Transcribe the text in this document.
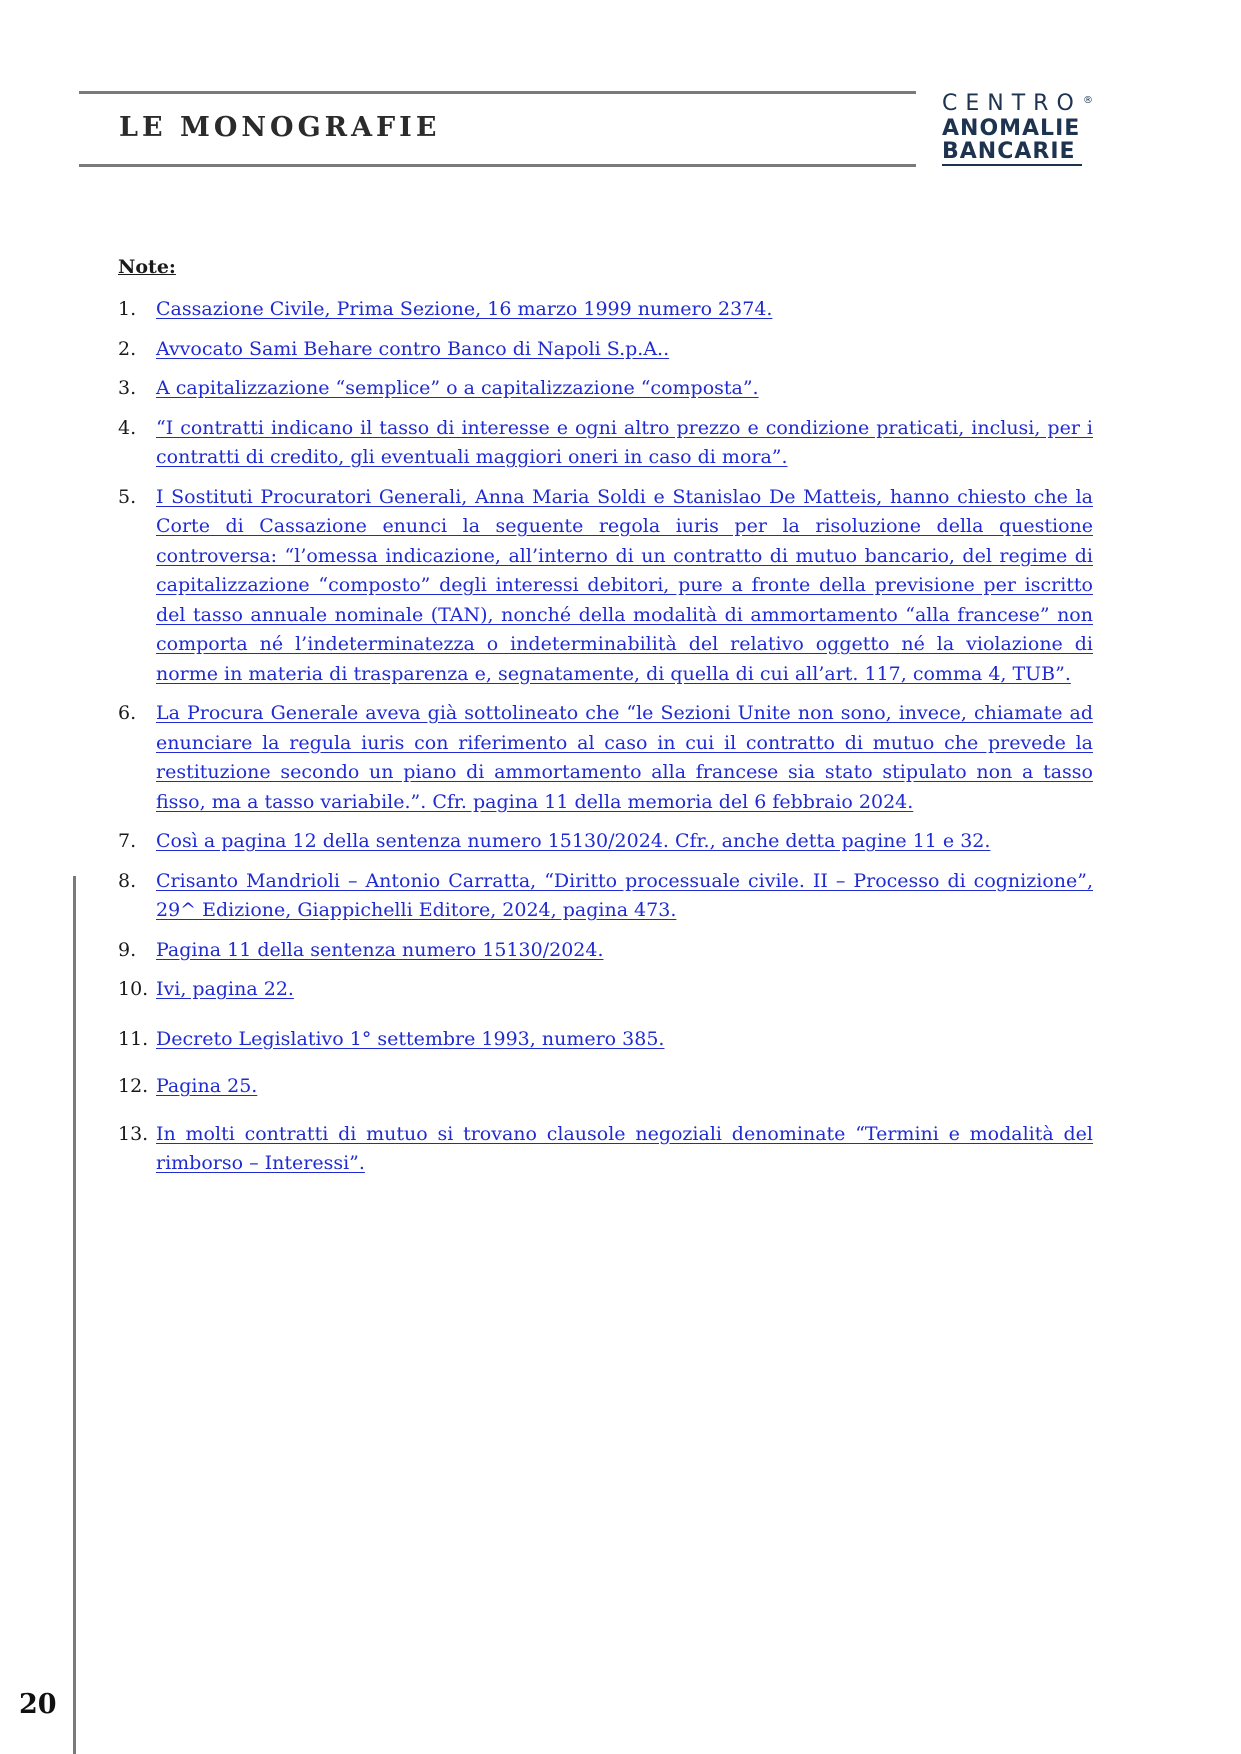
LE MONOGRAFIE
CENTRO ®
ANOMALIE
BANCARIE
Note:
1.	Cassazione Civile, Prima Sezione, 16 marzo 1999 numero 2374.
2.	Avvocato Sami Behare contro Banco di Napoli S.p.A..
3.	A capitalizzazione “semplice” o a capitalizzazione “composta”.
4.	“I contratti indicano il tasso di interesse e ogni altro prezzo e condizione praticati, inclusi, per i contratti di credito, gli eventuali maggiori oneri in caso di mora”.
5.	I Sostituti Procuratori Generali, Anna Maria Soldi e Stanislao De Matteis, hanno chiesto che la Corte di Cassazione enunci la seguente regola iuris per la risoluzione della questione controversa: “l’omessa indicazione, all’interno di un contratto di mutuo bancario, del regime di capitalizzazione “composto” degli interessi debitori, pure a fronte della previsione per iscritto del tasso annuale nominale (TAN), nonché della modalità di ammortamento “alla francese” non comporta né l’indeterminatezza o indeterminabilità del relativo oggetto né la violazione di norme in materia di trasparenza e, segnatamente, di quella di cui all’art. 117, comma 4, TUB”.
6.	La Procura Generale aveva già sottolineato che “le Sezioni Unite non sono, invece, chiamate ad enunciare la regula iuris con riferimento al caso in cui il contratto di mutuo che prevede la restituzione secondo un piano di ammortamento alla francese sia stato stipulato non a tasso fisso, ma a tasso variabile.”. Cfr. pagina 11 della memoria del 6 febbraio 2024.
7.	Così a pagina 12 della sentenza numero 15130/2024. Cfr., anche detta pagine 11 e 32.
8.	Crisanto Mandrioli – Antonio Carratta, “Diritto processuale civile. II – Processo di cognizione”, 29^ Edizione, Giappichelli Editore, 2024, pagina 473.
9.	Pagina 11 della sentenza numero 15130/2024.
10. Ivi, pagina 22.
11. Decreto Legislativo 1° settembre 1993, numero 385.
12. Pagina 25.
13. In molti contratti di mutuo si trovano clausole negoziali denominate “Termini e modalità del rimborso – Interessi”.
20
